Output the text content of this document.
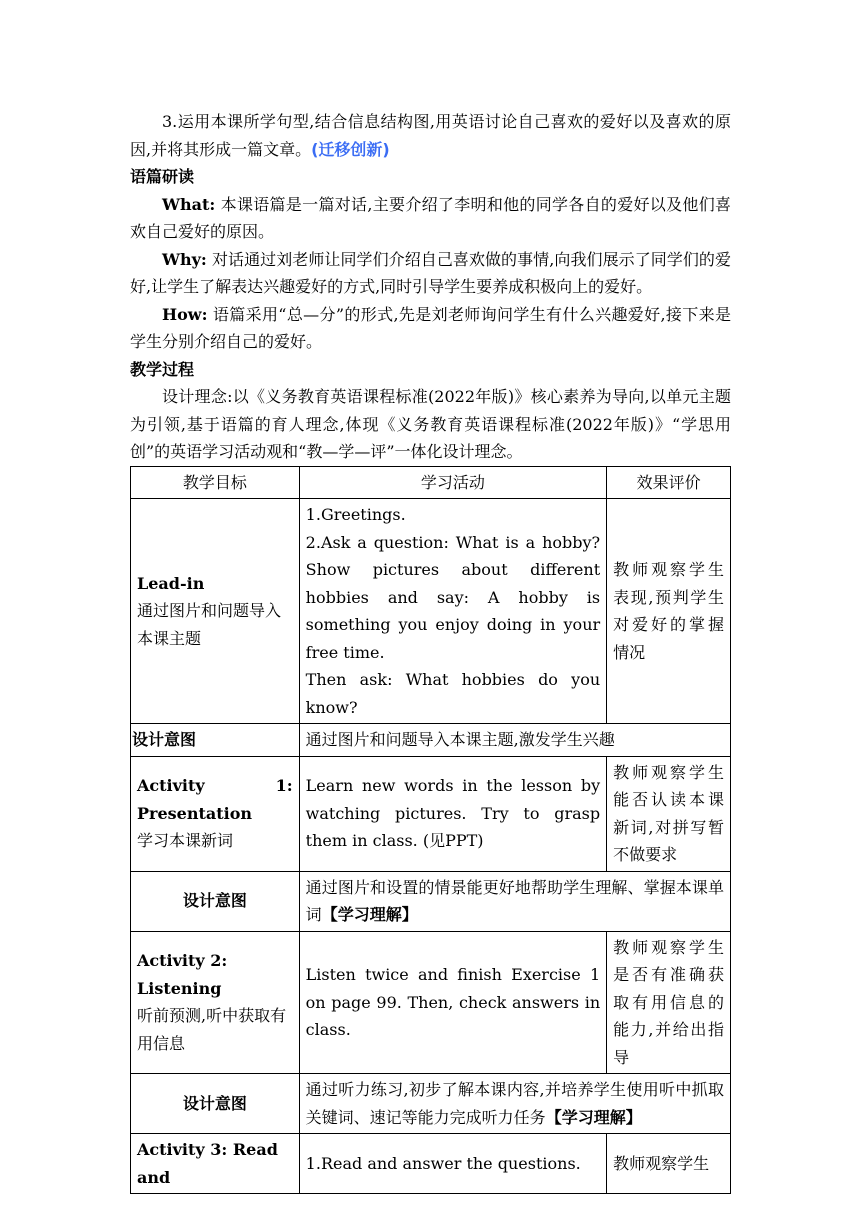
3.运用本课所学句型,结合信息结构图,用英语讨论自己喜欢的爱好以及喜欢的原因,并将其形成一篇文章。(迁移创新)

语篇研读

What: 本课语篇是一篇对话,主要介绍了李明和他的同学各自的爱好以及他们喜欢自己爱好的原因。

Why: 对话通过刘老师让同学们介绍自己喜欢做的事情,向我们展示了同学们的爱好,让学生了解表达兴趣爱好的方式,同时引导学生要养成积极向上的爱好。

How: 语篇采用“总—分”的形式,先是刘老师询问学生有什么兴趣爱好,接下来是学生分别介绍自己的爱好。

教学过程

设计理念:以《义务教育英语课程标准(2022年版)》核心素养为导向,以单元主题为引领,基于语篇的育人理念,体现《义务教育英语课程标准(2022年版)》“学思用创”的英语学习活动观和“教—学—评”一体化设计理念。

教学目标	学习活动	效果评价

Lead-in
通过图片和问题导入本课主题	1.Greetings.
2.Ask a question: What is a hobby? Show pictures about different hobbies and say: A hobby is something you enjoy doing in your free time.
Then ask: What hobbies do you know?	教师观察学生表现,预判学生对爱好的掌握情况
设计意图	通过图片和问题导入本课主题,激发学生兴趣	

Activity 1:
Presentation
学习本课新词	Learn new words in the lesson by watching pictures. Try to grasp them in class. (见PPT)	教师观察学生能否认读本课新词,对拼写暂不做要求
设计意图	通过图片和设置的情景能更好地帮助学生理解、掌握本课单词【学习理解】	

Activity 2: Listening
听前预测,听中获取有用信息	Listen twice and finish Exercise 1 on page 99. Then, check answers in class.	教师观察学生是否有准确获取有用信息的能力,并给出指导
设计意图	通过听力练习,初步了解本课内容,并培养学生使用听中抓取关键词、速记等能力完成听力任务【学习理解】	
Activity 3: Read and	1.Read and answer the questions.	教师观察学生
